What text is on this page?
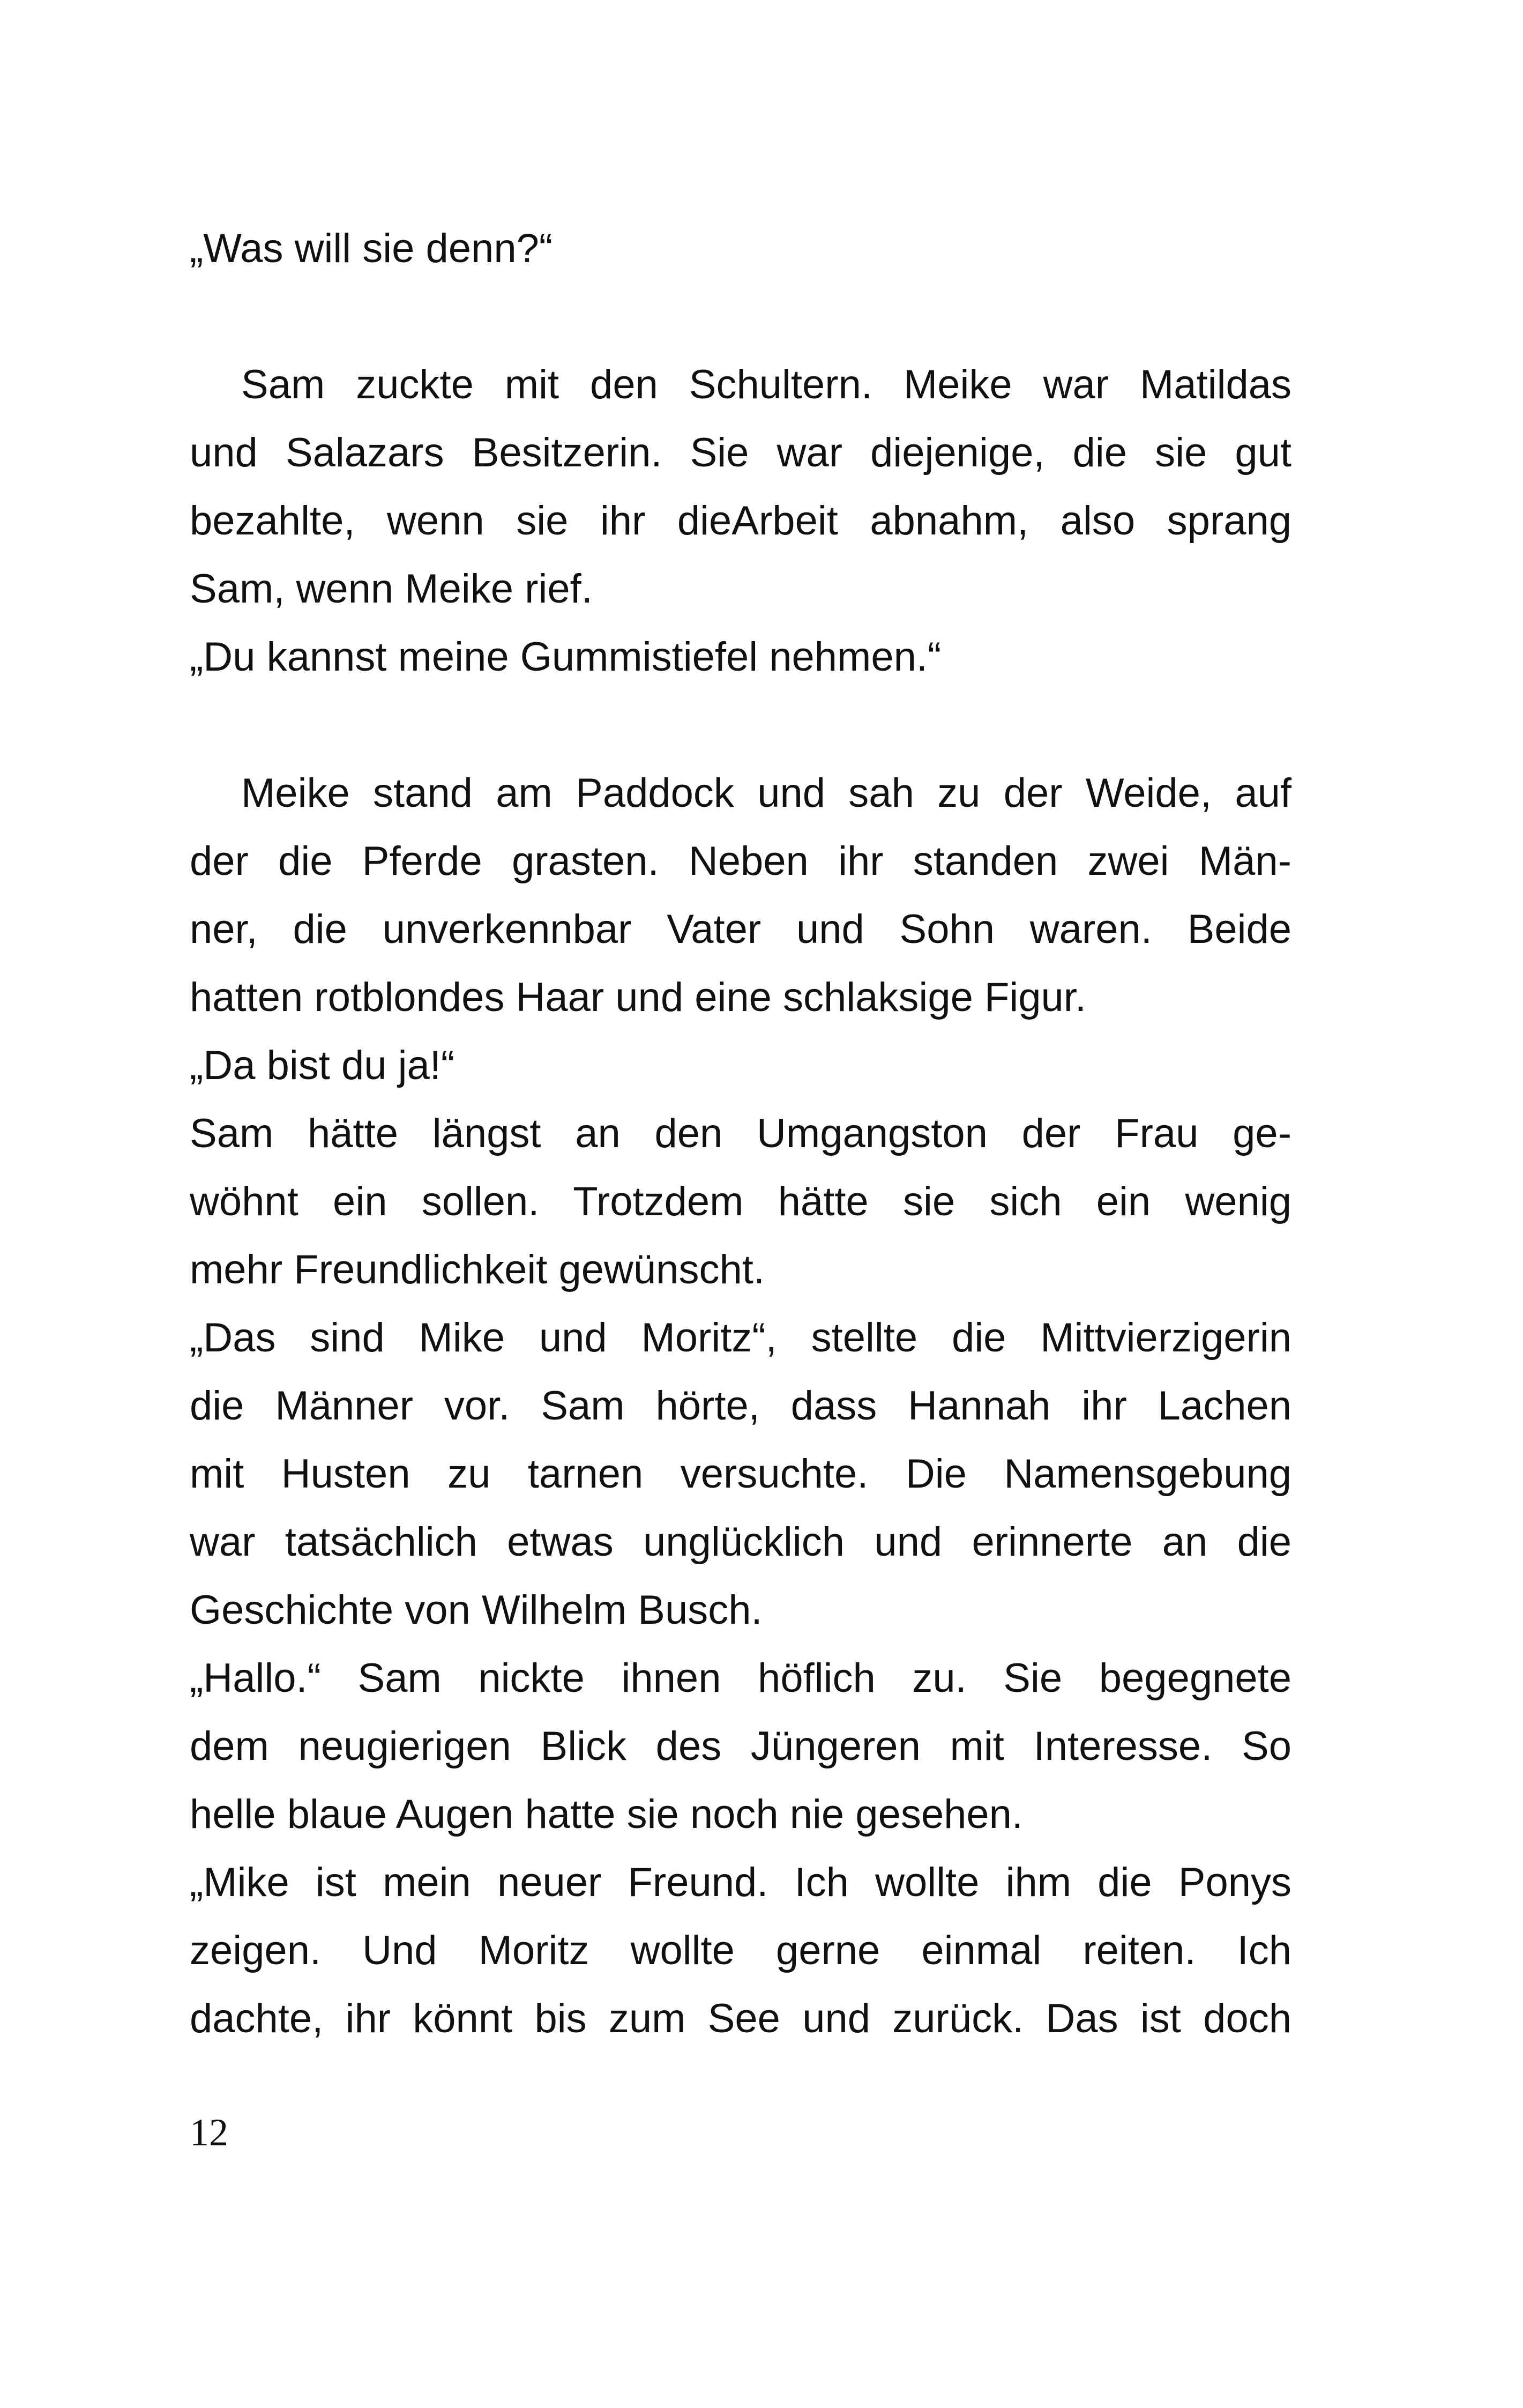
„Was will sie denn?“
Sam zuckte mit den Schultern. Meike war Matildas
und Salazars Besitzerin. Sie war diejenige, die sie gut
bezahlte, wenn sie ihr dieArbeit abnahm, also sprang
Sam, wenn Meike rief.
„Du kannst meine Gummistiefel nehmen.“
Meike stand am Paddock und sah zu der Weide, auf
der die Pferde grasten. Neben ihr standen zwei Män-
ner, die unverkennbar Vater und Sohn waren. Beide
hatten rotblondes Haar und eine schlaksige Figur.
„Da bist du ja!“
Sam hätte längst an den Umgangston der Frau ge-
wöhnt ein sollen. Trotzdem hätte sie sich ein wenig
mehr Freundlichkeit gewünscht.
„Das sind Mike und Moritz“, stellte die Mittvierzigerin
die Männer vor. Sam hörte, dass Hannah ihr Lachen
mit Husten zu tarnen versuchte. Die Namensgebung
war tatsächlich etwas unglücklich und erinnerte an die
Geschichte von Wilhelm Busch.
„Hallo.“ Sam nickte ihnen höflich zu. Sie begegnete
dem neugierigen Blick des Jüngeren mit Interesse. So
helle blaue Augen hatte sie noch nie gesehen.
„Mike ist mein neuer Freund. Ich wollte ihm die Ponys
zeigen. Und Moritz wollte gerne einmal reiten. Ich
dachte, ihr könnt bis zum See und zurück. Das ist doch
12
